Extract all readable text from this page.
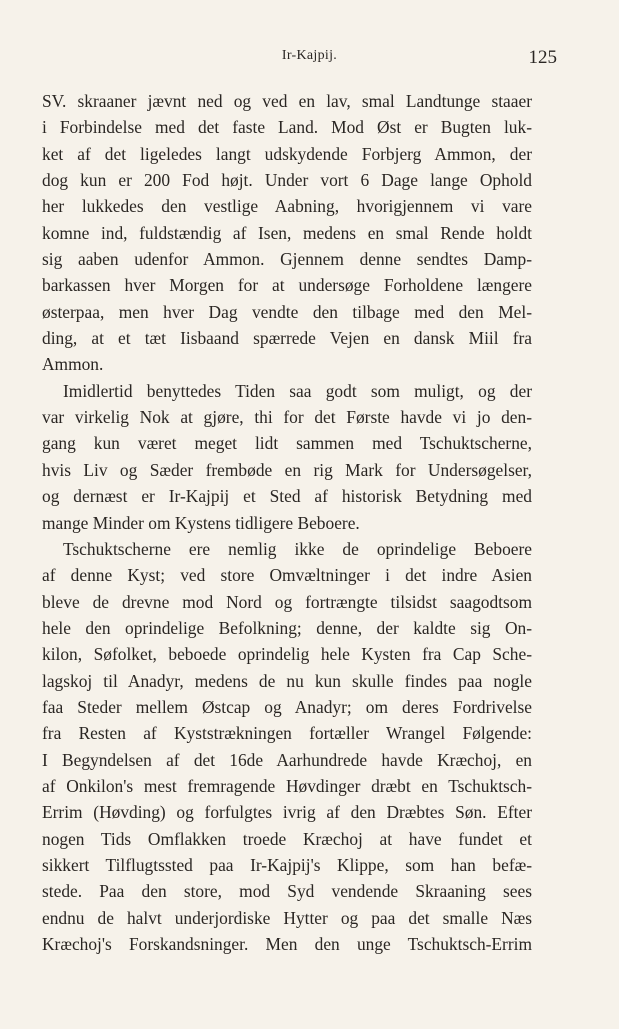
Ir-Kajpij.	125
SV. skraaner jævnt ned og ved en lav, smal Landtunge staaer
i Forbindelse med det faste Land. Mod Øst er Bugten luk-
ket af det ligeledes langt udskydende Forbjerg Ammon, der
dog kun er 200 Fod højt. Under vort 6 Dage lange Ophold
her lukkedes den vestlige Aabning, hvorigjennem vi vare
komne ind, fuldstændig af Isen, medens en smal Rende holdt
sig aaben udenfor Ammon. Gjennem denne sendtes Damp-
barkassen hver Morgen for at undersøge Forholdene længere
østerpaa, men hver Dag vendte den tilbage med den Mel-
ding, at et tæt Iisbaand spærrede Vejen en dansk Miil fra
Ammon.
Imidlertid benyttedes Tiden saa godt som muligt, og der
var virkelig Nok at gjøre, thi for det Første havde vi jo den-
gang kun været meget lidt sammen med Tschuktscherne,
hvis Liv og Sæder frembøde en rig Mark for Undersøgelser,
og dernæst er Ir-Kajpij et Sted af historisk Betydning med
mange Minder om Kystens tidligere Beboere.
Tschuktscherne ere nemlig ikke de oprindelige Beboere
af denne Kyst; ved store Omvæltninger i det indre Asien
bleve de drevne mod Nord og fortrængte tilsidst saagodtsom
hele den oprindelige Befolkning; denne, der kaldte sig On-
kilon, Søfolket, beboede oprindelig hele Kysten fra Cap Sche-
lagskoj til Anadyr, medens de nu kun skulle findes paa nogle
faa Steder mellem Østcap og Anadyr; om deres Fordrivelse
fra Resten af Kyststrækningen fortæller Wrangel Følgende:
I Begyndelsen af det 16de Aarhundrede havde Kræchoj, en
af Onkilon's mest fremragende Høvdinger dræbt en Tschuktsch-
Errim (Høvding) og forfulgtes ivrig af den Dræbtes Søn. Efter
nogen Tids Omflakken troede Kræchoj at have fundet et
sikkert Tilflugtssted paa Ir-Kajpij's Klippe, som han befæ-
stede. Paa den store, mod Syd vendende Skraaning sees
endnu de halvt underjordiske Hytter og paa det smalle Næs
Kræchoj's Forskandsninger. Men den unge Tschuktsch-Errim
